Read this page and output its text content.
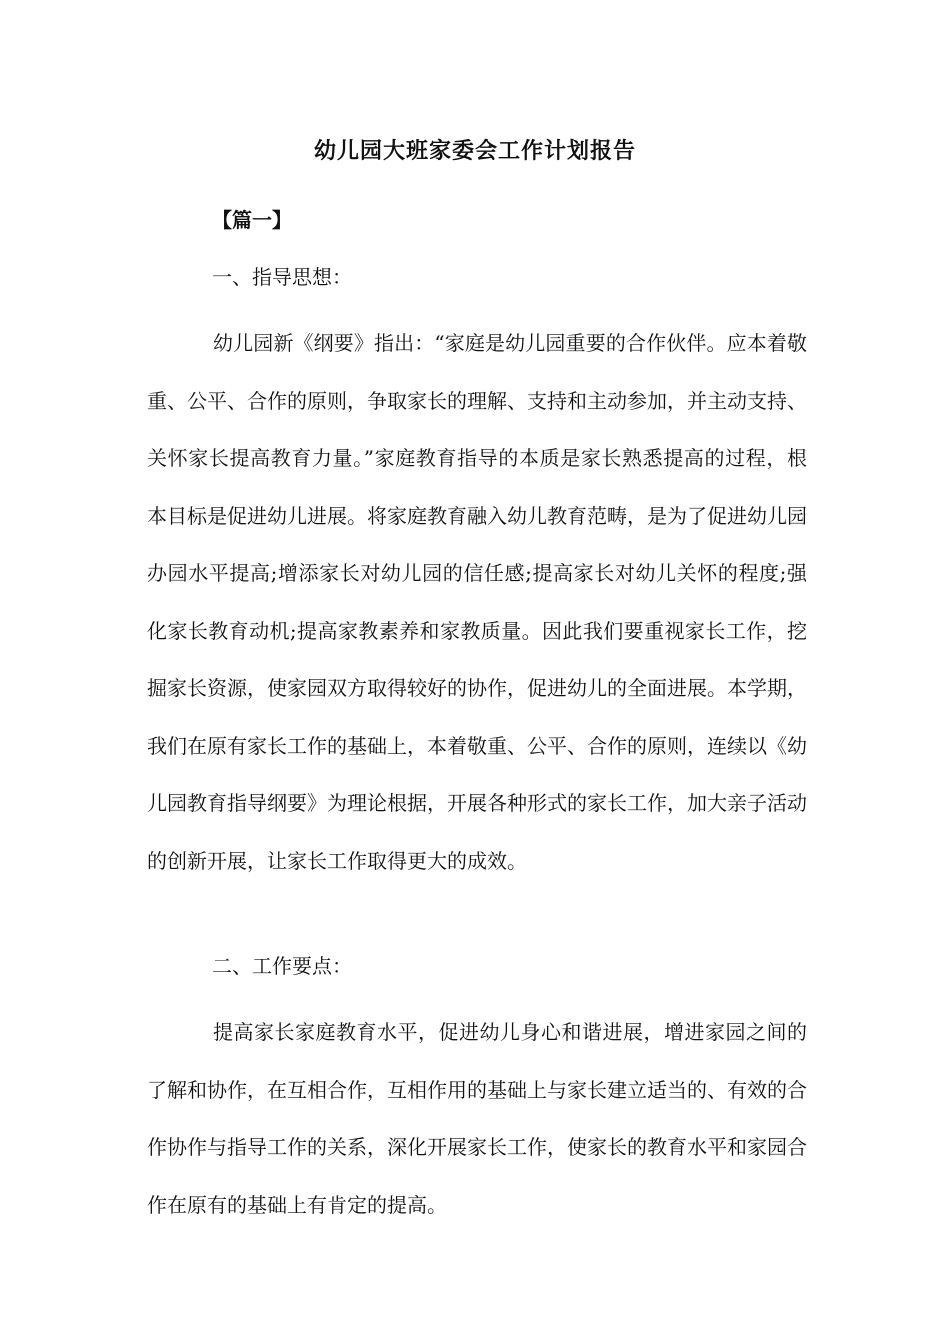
幼儿园大班家委会工作计划报告

【篇一】

一、指导思想：

幼儿园新《纲要》指出：“家庭是幼儿园重要的合作伙伴。应本着敬重、公平、合作的原则，争取家长的理解、支持和主动参加，并主动支持、关怀家长提高教育力量。”家庭教育指导的本质是家长熟悉提高的过程，根本目标是促进幼儿进展。将家庭教育融入幼儿教育范畴，是为了促进幼儿园办园水平提高;增添家长对幼儿园的信任感;提高家长对幼儿关怀的程度;强化家长教育动机;提高家教素养和家教质量。因此我们要重视家长工作，挖掘家长资源，使家园双方取得较好的协作，促进幼儿的全面进展。本学期，我们在原有家长工作的基础上，本着敬重、公平、合作的原则，连续以《幼儿园教育指导纲要》为理论根据，开展各种形式的家长工作，加大亲子活动的创新开展，让家长工作取得更大的成效。

二、工作要点：

提高家长家庭教育水平，促进幼儿身心和谐进展，增进家园之间的了解和协作，在互相合作，互相作用的基础上与家长建立适当的、有效的合作协作与指导工作的关系，深化开展家长工作，使家长的教育水平和家园合作在原有的基础上有肯定的提高。
